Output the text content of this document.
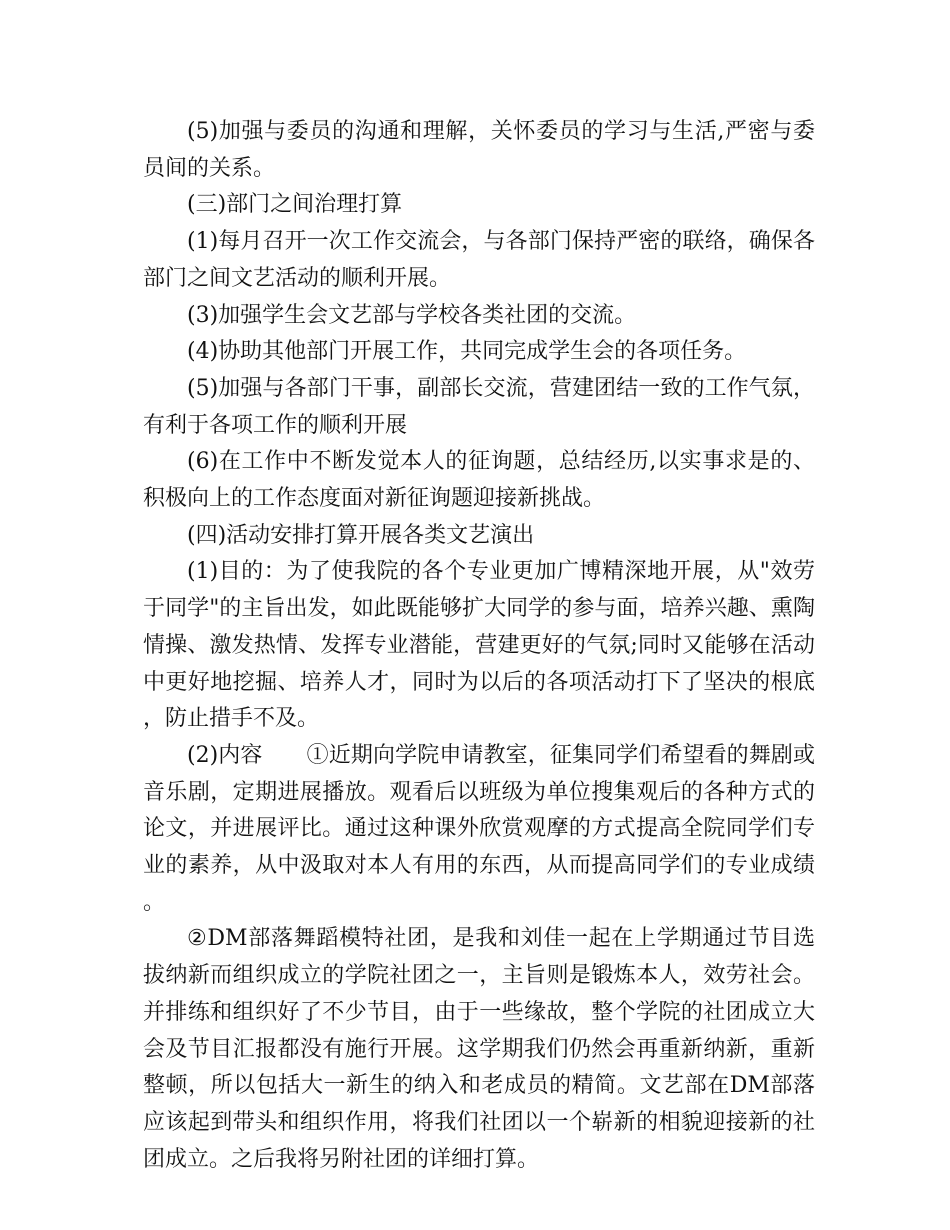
(5)加强与委员的沟通和理解，关怀委员的学习与生活,严密与委员间的关系。

(三)部门之间治理打算

(1)每月召开一次工作交流会，与各部门保持严密的联络，确保各部门之间文艺活动的顺利开展。

(3)加强学生会文艺部与学校各类社团的交流。

(4)协助其他部门开展工作，共同完成学生会的各项任务。

(5)加强与各部门干事，副部长交流，营建团结一致的工作气氛，有利于各项工作的顺利开展

(6)在工作中不断发觉本人的征询题，总结经历,以实事求是的、积极向上的工作态度面对新征询题迎接新挑战。

(四)活动安排打算开展各类文艺演出

(1)目的：为了使我院的各个专业更加广博精深地开展，从"效劳于同学"的主旨出发，如此既能够扩大同学的参与面，培养兴趣、熏陶情操、激发热情、发挥专业潜能，营建更好的气氛;同时又能够在活动中更好地挖掘、培养人才，同时为以后的各项活动打下了坚决的根底，防止措手不及。

(2)内容　　①近期向学院申请教室，征集同学们希望看的舞剧或音乐剧，定期进展播放。观看后以班级为单位搜集观后的各种方式的论文，并进展评比。通过这种课外欣赏观摩的方式提高全院同学们专业的素养，从中汲取对本人有用的东西，从而提高同学们的专业成绩。

②DM部落舞蹈模特社团，是我和刘佳一起在上学期通过节目选拔纳新而组织成立的学院社团之一，主旨则是锻炼本人，效劳社会。并排练和组织好了不少节目，由于一些缘故，整个学院的社团成立大会及节目汇报都没有施行开展。这学期我们仍然会再重新纳新，重新整顿，所以包括大一新生的纳入和老成员的精简。文艺部在DM部落应该起到带头和组织作用，将我们社团以一个崭新的相貌迎接新的社团成立。之后我将另附社团的详细打算。
